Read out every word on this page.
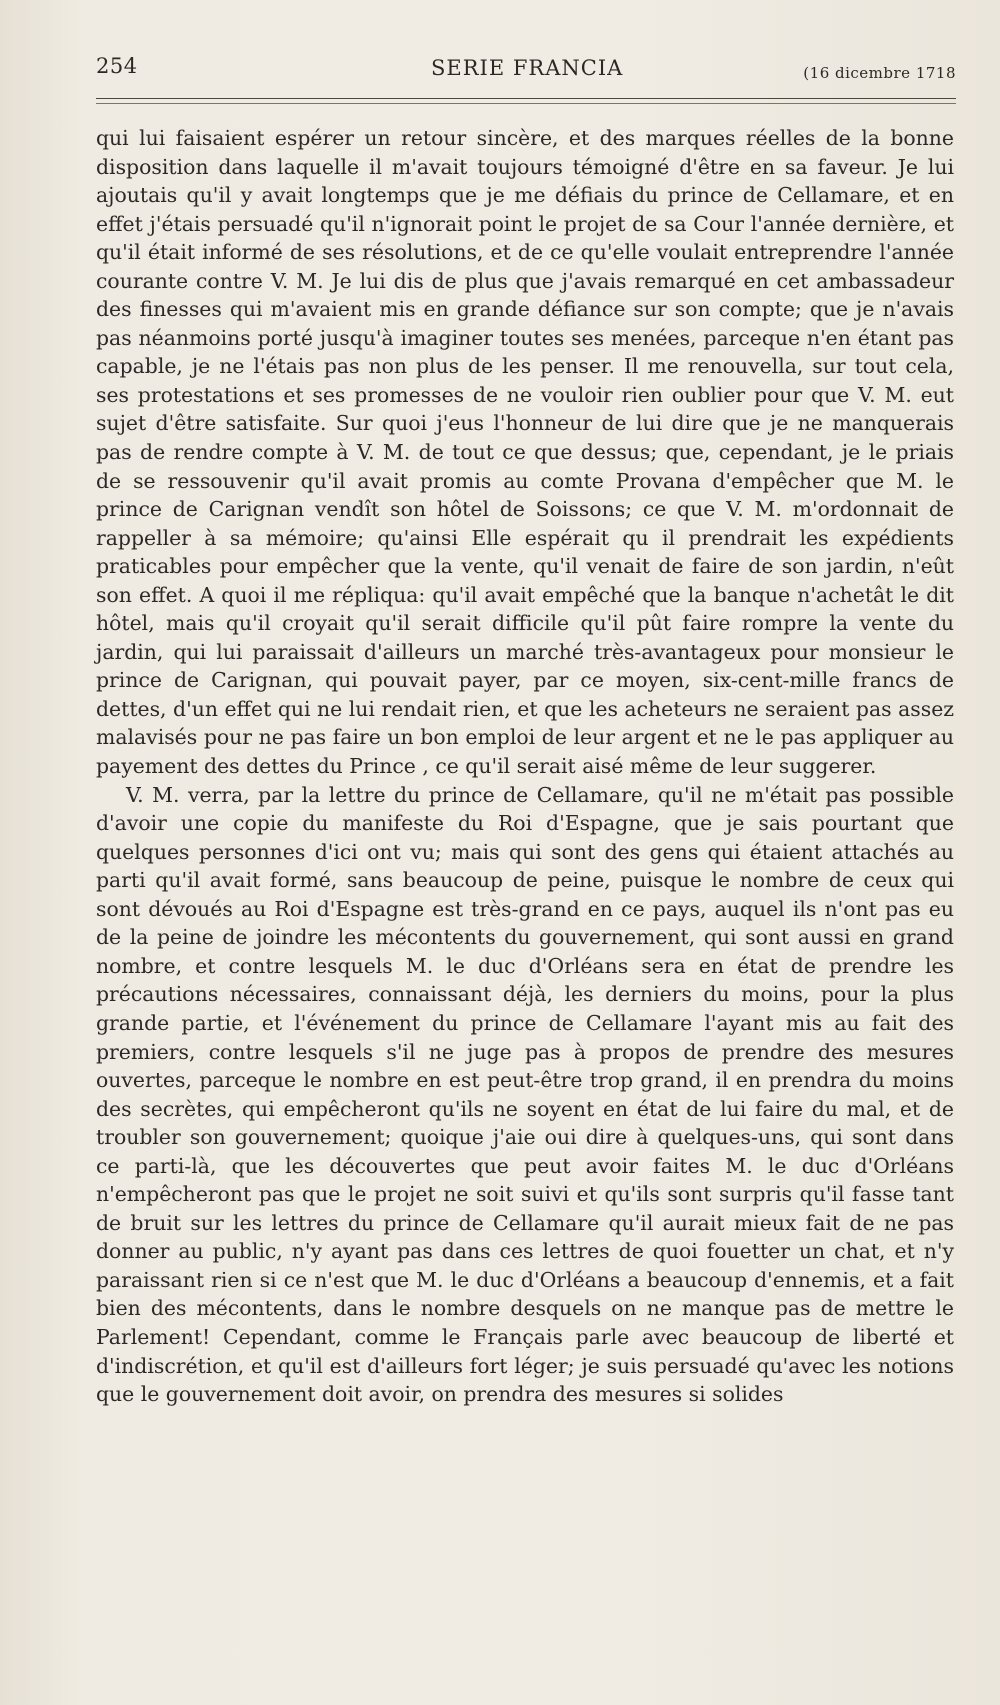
254	SERIE FRANCIA	(16 dicembre 1718

qui lui faisaient espérer un retour sincère, et des marques réelles de la bonne disposition dans laquelle il m'avait toujours témoigné d'être en sa faveur. Je lui ajoutais qu'il y avait longtemps que je me défiais du prince de Cellamare, et en effet j'étais persuadé qu'il n'ignorait point le projet de sa Cour l'année dernière, et qu'il était informé de ses résolutions, et de ce qu'elle voulait entreprendre l'année courante contre V. M. Je lui dis de plus que j'avais remarqué en cet ambassadeur des finesses qui m'avaient mis en grande défiance sur son compte; que je n'avais pas néanmoins porté jusqu'à imaginer toutes ses menées, parceque n'en étant pas capable, je ne l'étais pas non plus de les penser. Il me renouvella, sur tout cela, ses protestations et ses promesses de ne vouloir rien oublier pour que V. M. eut sujet d'être satisfaite. Sur quoi j'eus l'honneur de lui dire que je ne manquerais pas de rendre compte à V. M. de tout ce que dessus; que, cependant, je le priais de se ressouvenir qu'il avait promis au comte Provana d'empêcher que M. le prince de Carignan vendît son hôtel de Soissons; ce que V. M. m'ordonnait de rappeller à sa mémoire; qu'ainsi Elle espérait qu il prendrait les expédients praticables pour empêcher que la vente, qu'il venait de faire de son jardin, n'eût son effet. A quoi il me répliqua: qu'il avait empêché que la banque n'achetât le dit hôtel, mais qu'il croyait qu'il serait difficile qu'il pût faire rompre la vente du jardin, qui lui paraissait d'ailleurs un marché très-avantageux pour monsieur le prince de Carignan, qui pouvait payer, par ce moyen, six-cent-mille francs de dettes, d'un effet qui ne lui rendait rien, et que les acheteurs ne seraient pas assez malavisés pour ne pas faire un bon emploi de leur argent et ne le pas appliquer au payement des dettes du Prince , ce qu'il serait aisé même de leur suggerer.

V. M. verra, par la lettre du prince de Cellamare, qu'il ne m'était pas possible d'avoir une copie du manifeste du Roi d'Espagne, que je sais pourtant que quelques personnes d'ici ont vu; mais qui sont des gens qui étaient attachés au parti qu'il avait formé, sans beaucoup de peine, puisque le nombre de ceux qui sont dévoués au Roi d'Espagne est très-grand en ce pays, auquel ils n'ont pas eu de la peine de joindre les mécontents du gouvernement, qui sont aussi en grand nombre, et contre lesquels M. le duc d'Orléans sera en état de prendre les précautions nécessaires, connaissant déjà, les derniers du moins, pour la plus grande partie, et l'événement du prince de Cellamare l'ayant mis au fait des premiers, contre lesquels s'il ne juge pas à propos de prendre des mesures ouvertes, parceque le nombre en est peut-être trop grand, il en prendra du moins des secrètes, qui empêcheront qu'ils ne soyent en état de lui faire du mal, et de troubler son gouvernement; quoique j'aie oui dire à quelques-uns, qui sont dans ce parti-là, que les découvertes que peut avoir faites M. le duc d'Orléans n'empêcheront pas que le projet ne soit suivi et qu'ils sont surpris qu'il fasse tant de bruit sur les lettres du prince de Cellamare qu'il aurait mieux fait de ne pas donner au public, n'y ayant pas dans ces lettres de quoi fouetter un chat, et n'y paraissant rien si ce n'est que M. le duc d'Orléans a beaucoup d'ennemis, et a fait bien des mécontents, dans le nombre desquels on ne manque pas de mettre le Parlement! Cependant, comme le Français parle avec beaucoup de liberté et d'indiscrétion, et qu'il est d'ailleurs fort léger; je suis persuadé qu'avec les notions que le gouvernement doit avoir, on prendra des mesures si solides
